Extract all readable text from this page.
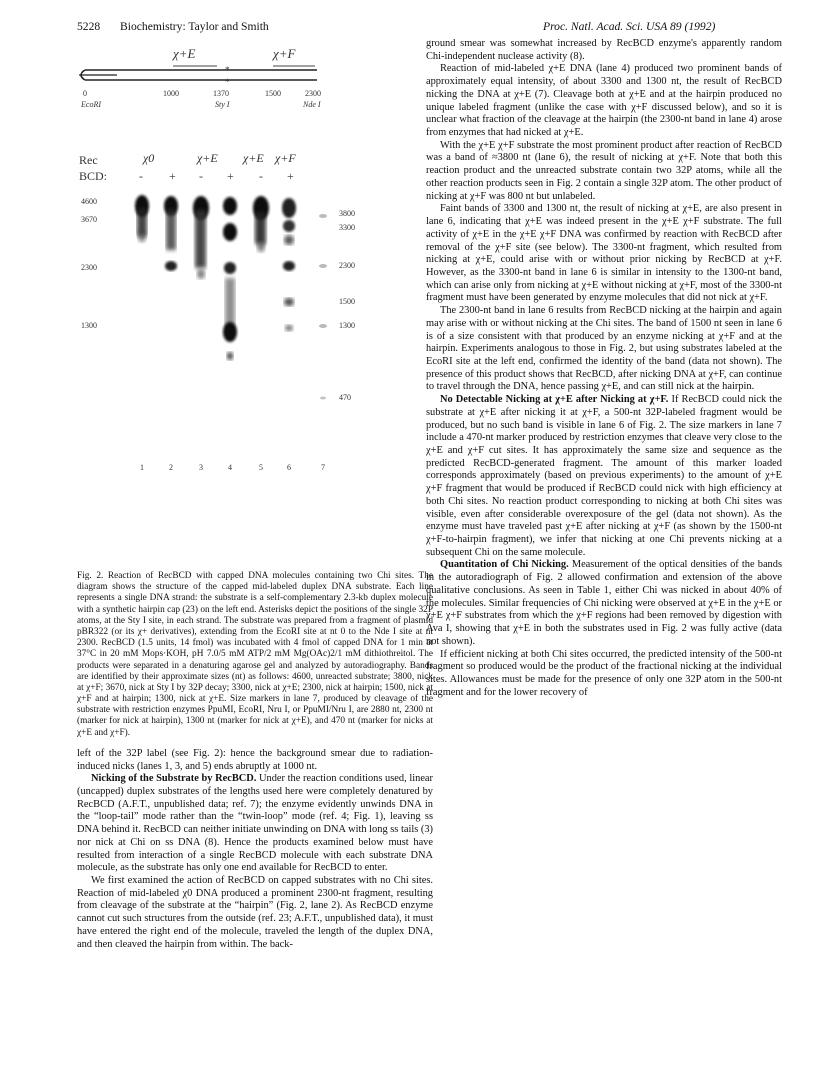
5228 Biochemistry: Taylor and Smith	Proc. Natl. Acad. Sci. USA 89 (1992)
χ+E	χ+F
*
*
0	1000	1370	1500	2300
EcoRI	Sty I	Nde I
Rec
BCD:
χ0	χ+E χ+E χ+F
- + - + - +
4600
3670
2300
1300
3800
3300
2300
1500
1300
470
1	2	3	4	5	6	7

Fig. 2. Reaction of RecBCD with capped DNA molecules containing two Chi sites. The diagram shows the structure of the capped mid-labeled duplex DNA substrate. Each line represents a single DNA strand: the substrate is a self-complementary 2.3-kb duplex molecule with a synthetic hairpin cap (23) on the left end. Asterisks depict the positions of the single 32P atoms, at the Sty I site, in each strand. The substrate was prepared from a fragment of plasmid pBR322 (or its χ+ derivatives), extending from the EcoRI site at nt 0 to the Nde I site at nt 2300. RecBCD (1.5 units, 14 fmol) was incubated with 4 fmol of capped DNA for 1 min at 37°C in 20 mM Mops·KOH, pH 7.0/5 mM ATP/2 mM Mg(OAc)2/1 mM dithiothreitol. The products were separated in a denaturing agarose gel and analyzed by autoradiography. Bands are identified by their approximate sizes (nt) as follows: 4600, unreacted substrate; 3800, nick at χ+F; 3670, nick at Sty I by 32P decay; 3300, nick at χ+E; 2300, nick at hairpin; 1500, nick at χ+F and at hairpin; 1300, nick at χ+E. Size markers in lane 7, produced by cleavage of the substrate with restriction enzymes PpuMI, EcoRI, Nru I, or PpuMI/Nru I, are 2880 nt, 2300 nt (marker for nick at hairpin), 1300 nt (marker for nick at χ+E), and 470 nt (marker for nicks at χ+E and χ+F).

left of the 32P label (see Fig. 2): hence the background smear due to radiation-induced nicks (lanes 1, 3, and 5) ends abruptly at 1000 nt.

Nicking of the Substrate by RecBCD. Under the reaction conditions used, linear (uncapped) duplex substrates of the lengths used here were completely denatured by RecBCD (A.F.T., unpublished data; ref. 7); the enzyme evidently unwinds DNA in the “loop-tail” mode rather than the “twin-loop” mode (ref. 4; Fig. 1), leaving ss DNA behind it. RecBCD can neither initiate unwinding on DNA with long ss tails (3) nor nick at Chi on ss DNA (8). Hence the products examined below must have resulted from interaction of a single RecBCD molecule with each substrate DNA molecule, as the substrate has only one end available for RecBCD to enter.

We first examined the action of RecBCD on capped substrates with no Chi sites. Reaction of mid-labeled χ0 DNA produced a prominent 2300-nt fragment, resulting from cleavage of the substrate at the “hairpin” (Fig. 2, lane 2). As RecBCD enzyme cannot cut such structures from the outside (ref. 23; A.F.T., unpublished data), it must have entered the right end of the molecule, traveled the length of the duplex DNA, and then cleaved the hairpin from within. The back-

ground smear was somewhat increased by RecBCD enzyme's apparently random Chi-independent nuclease activity (8).

Reaction of mid-labeled χ+E DNA (lane 4) produced two prominent bands of approximately equal intensity, of about 3300 and 1300 nt, the result of RecBCD nicking the DNA at χ+E (7). Cleavage both at χ+E and at the hairpin produced no unique labeled fragment (unlike the case with χ+F discussed below), and so it is unclear what fraction of the cleavage at the hairpin (the 2300-nt band in lane 4) arose from enzymes that had nicked at χ+E.

With the χ+E χ+F substrate the most prominent product after reaction of RecBCD was a band of ≈3800 nt (lane 6), the result of nicking at χ+F. Note that both this reaction product and the unreacted substrate contain two 32P atoms, while all the other reaction products seen in Fig. 2 contain a single 32P atom. The other product of nicking at χ+F was 800 nt but unlabeled.

Faint bands of 3300 and 1300 nt, the result of nicking at χ+E, are also present in lane 6, indicating that χ+E was indeed present in the χ+E χ+F substrate. The full activity of χ+E in the χ+E χ+F DNA was confirmed by reaction with RecBCD after removal of the χ+F site (see below). The 3300-nt fragment, which resulted from nicking at χ+E, could arise with or without prior nicking by RecBCD at χ+F. However, as the 3300-nt band in lane 6 is similar in intensity to the 1300-nt band, which can arise only from nicking at χ+E without nicking at χ+F, most of the 3300-nt fragment must have been generated by enzyme molecules that did not nick at χ+F.

The 2300-nt band in lane 6 results from RecBCD nicking at the hairpin and again may arise with or without nicking at the Chi sites. The band of 1500 nt seen in lane 6 is of a size consistent with that produced by an enzyme nicking at χ+F and at the hairpin. Experiments analogous to those in Fig. 2, but using substrates labeled at the EcoRI site at the left end, confirmed the identity of the band (data not shown). The presence of this product shows that RecBCD, after nicking DNA at χ+F, can continue to travel through the DNA, hence passing χ+E, and can still nick at the hairpin.

No Detectable Nicking at χ+E after Nicking at χ+F. If RecBCD could nick the substrate at χ+E after nicking it at χ+F, a 500-nt 32P-labeled fragment would be produced, but no such band is visible in lane 6 of Fig. 2. The size markers in lane 7 include a 470-nt marker produced by restriction enzymes that cleave very close to the χ+E and χ+F cut sites. It has approximately the same size and sequence as the predicted RecBCD-generated fragment. The amount of this marker loaded corresponds approximately (based on previous experiments) to the amount of χ+E χ+F fragment that would be produced if RecBCD could nick with high efficiency at both Chi sites. No reaction product corresponding to nicking at both Chi sites was visible, even after considerable overexposure of the gel (data not shown). As the enzyme must have traveled past χ+E after nicking at χ+F (as shown by the 1500-nt χ+F-to-hairpin fragment), we infer that nicking at one Chi prevents nicking at a subsequent Chi on the same molecule.

Quantitation of Chi Nicking. Measurement of the optical densities of the bands in the autoradiograph of Fig. 2 allowed confirmation and extension of the above qualitative conclusions. As seen in Table 1, either Chi was nicked in about 40% of the molecules. Similar frequencies of Chi nicking were observed at χ+E in the χ+E or χ+E χ+F substrates from which the χ+F regions had been removed by digestion with Ava I, showing that χ+E in both the substrates used in Fig. 2 was fully active (data not shown).

If efficient nicking at both Chi sites occurred, the predicted intensity of the 500-nt fragment so produced would be the product of the fractional nicking at the individual sites. Allowances must be made for the presence of only one 32P atom in the 500-nt fragment and for the lower recovery of
